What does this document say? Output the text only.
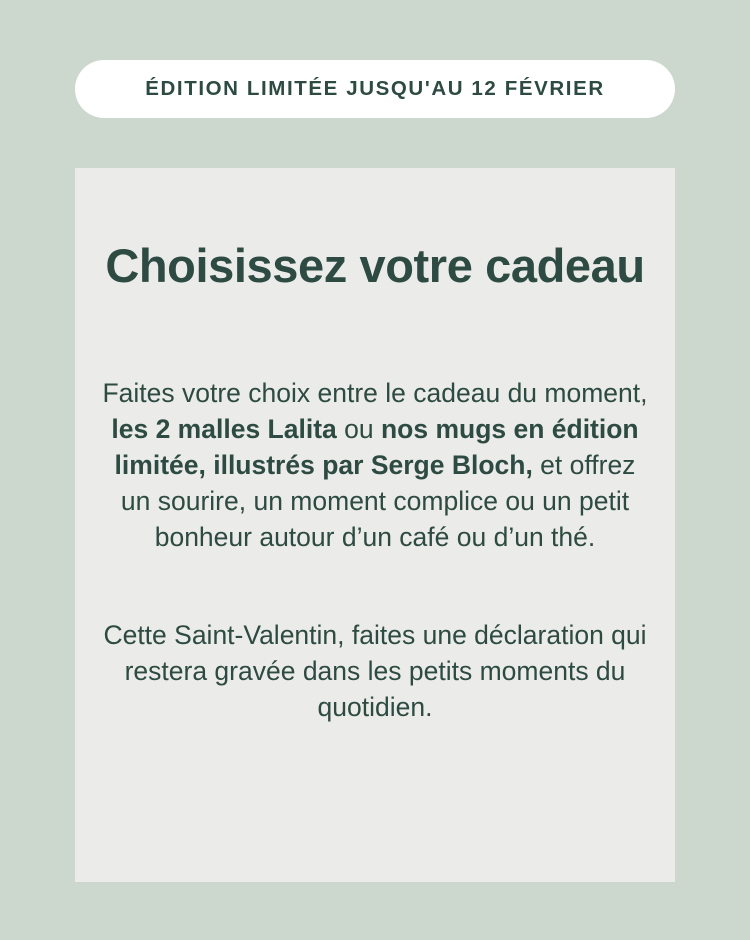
ÉDITION LIMITÉE JUSQU'AU 12 FÉVRIER
Choisissez votre cadeau

Faites votre choix entre le cadeau du moment, les 2 malles Lalita ou nos mugs en édition limitée, illustrés par Serge Bloch, et offrez un sourire, un moment complice ou un petit bonheur autour d’un café ou d’un thé.

Cette Saint-Valentin, faites une déclaration qui restera gravée dans les petits moments du quotidien.
